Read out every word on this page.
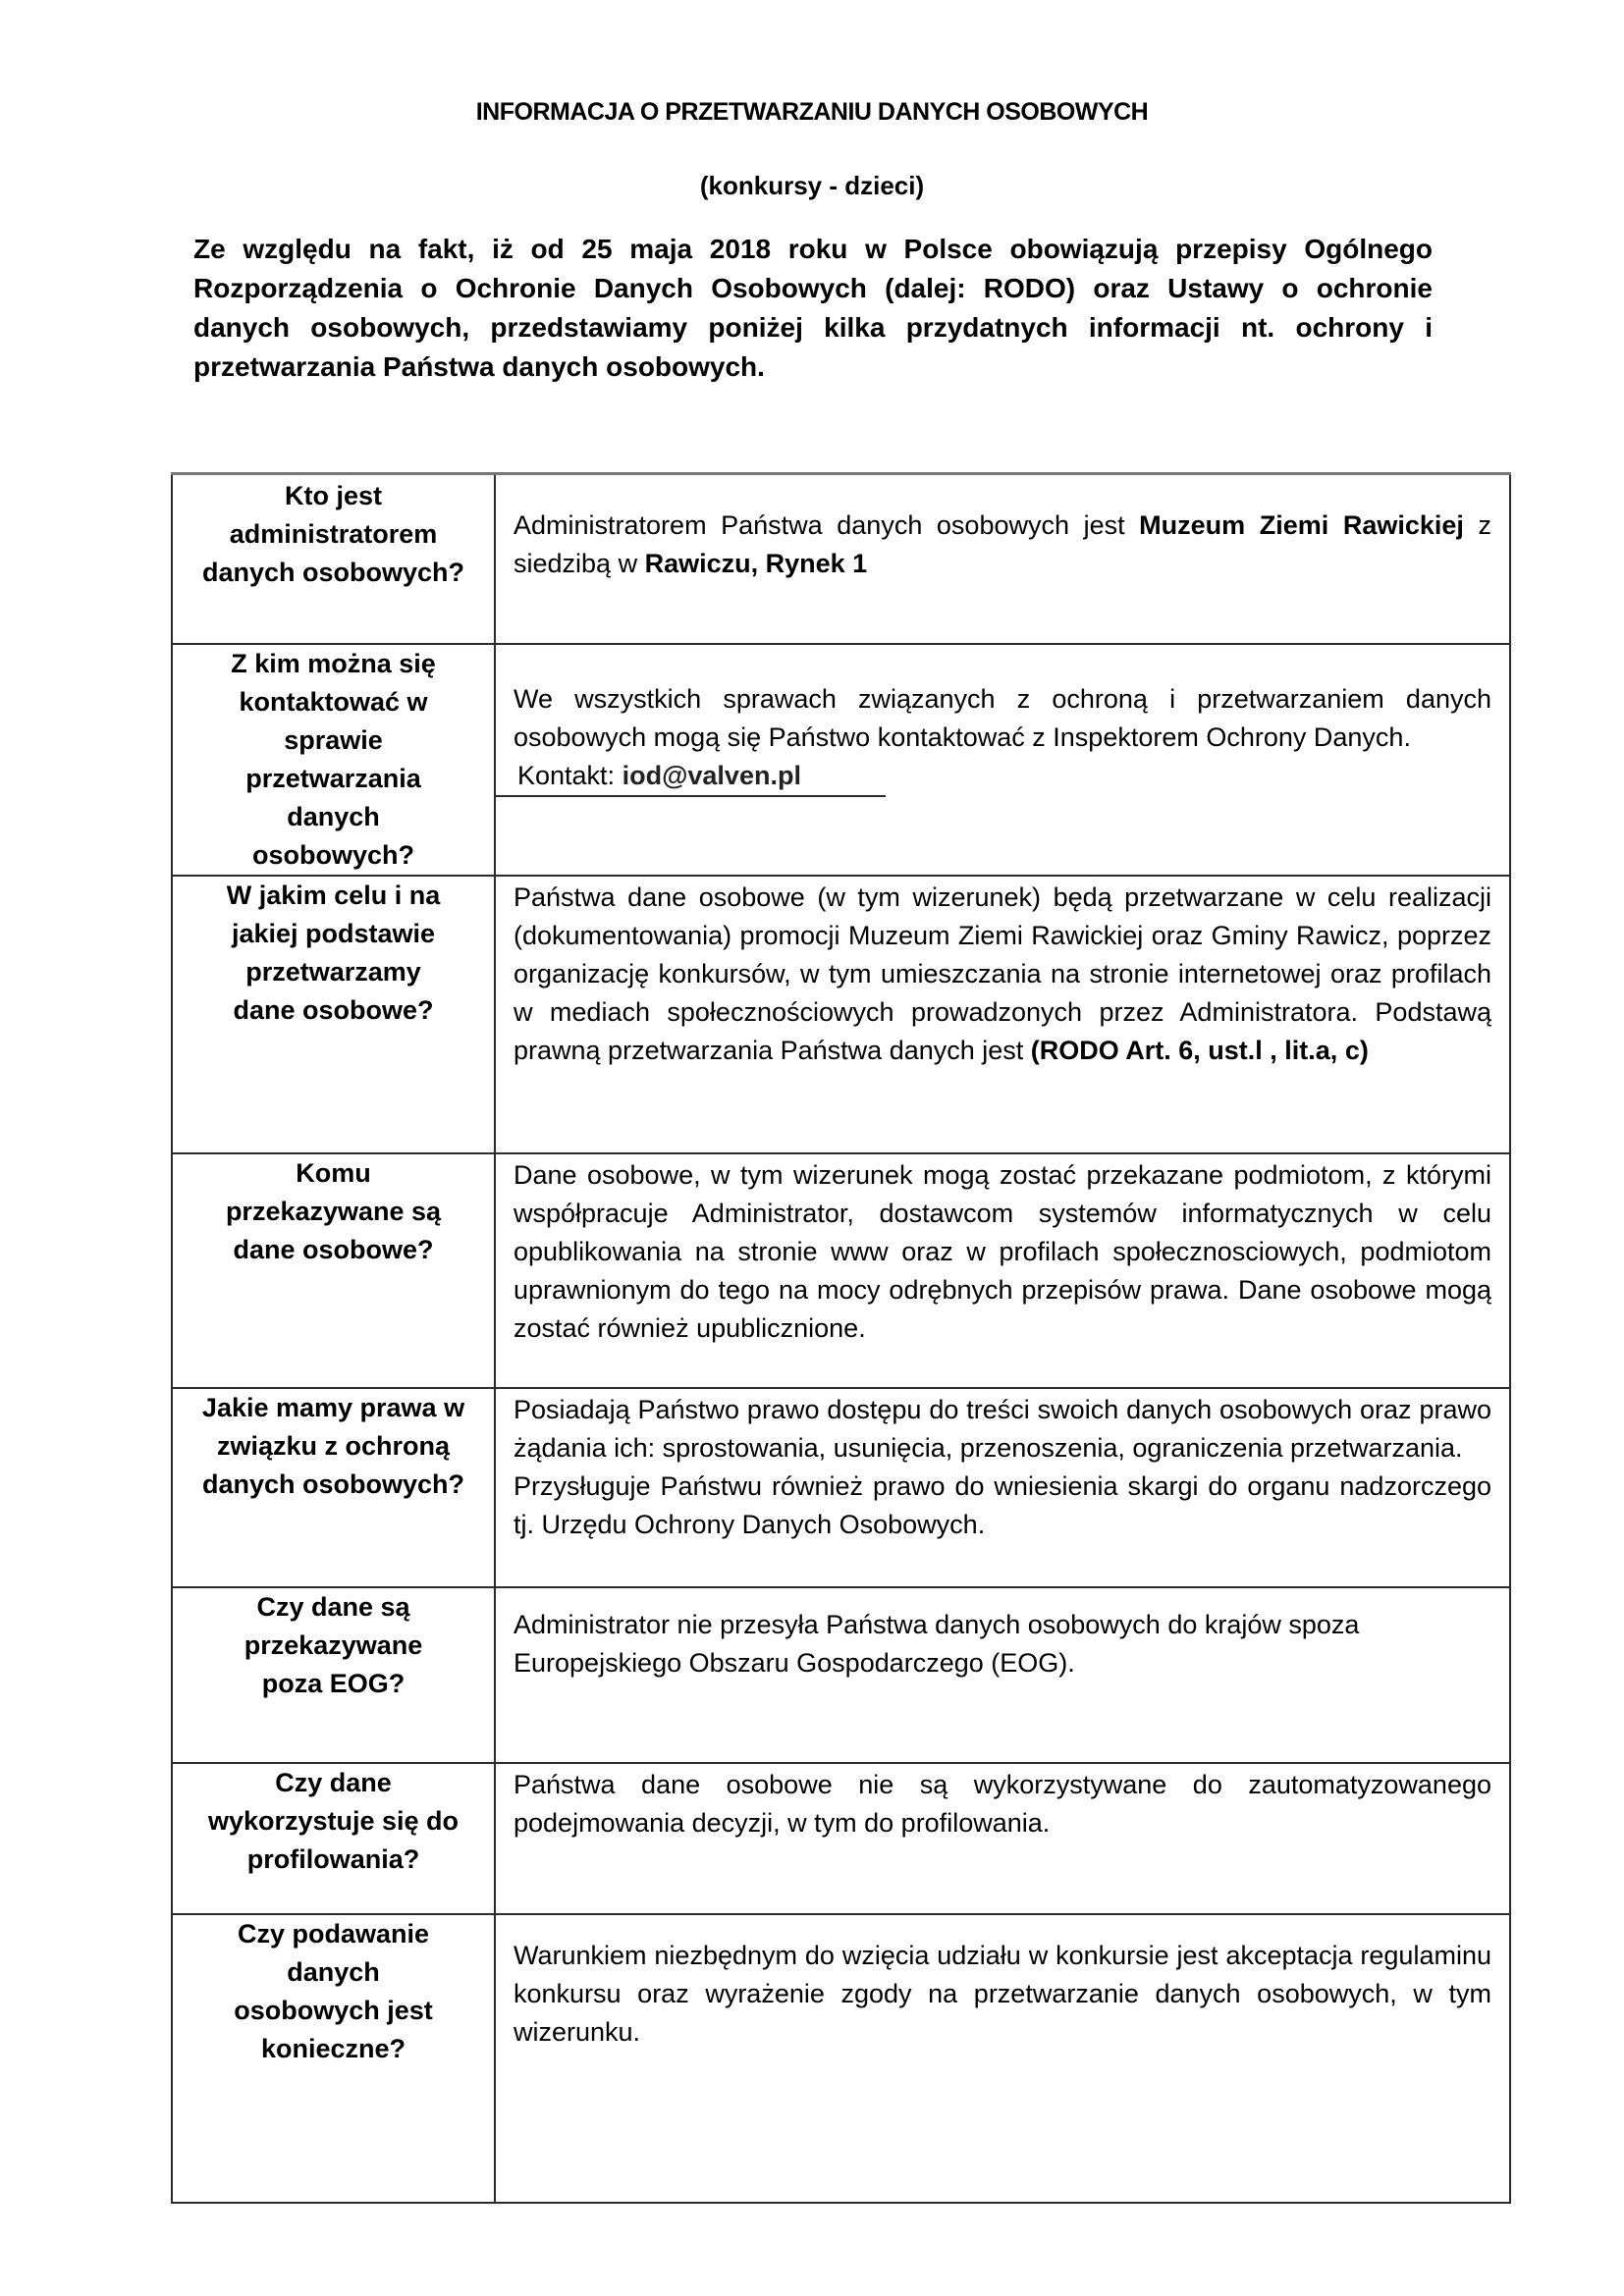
INFORMACJA O PRZETWARZANIU DANYCH OSOBOWYCH
(konkursy - dzieci)
Ze względu na fakt, iż od 25 maja 2018 roku w Polsce obowiązują przepisy Ogólnego Rozporządzenia o Ochronie Danych Osobowych (dalej: RODO) oraz Ustawy o ochronie danych osobowych, przedstawiamy poniżej kilka przydatnych informacji nt. ochrony i przetwarzania Państwa danych osobowych.
Kto jest administratorem danych osobowych?	Administratorem Państwa danych osobowych jest Muzeum Ziemi Rawickiej z siedzibą w Rawiczu, Rynek 1

Z kim można się kontaktować w sprawie przetwarzania danych osobowych?	We wszystkich sprawach związanych z ochroną i przetwarzaniem danych osobowych mogą się Państwo kontaktować z Inspektorem Ochrony Danych.
Kontakt: iod@valven.pl

W jakim celu i na jakiej podstawie przetwarzamy dane osobowe?	Państwa dane osobowe (w tym wizerunek) będą przetwarzane w celu realizacji (dokumentowania) promocji Muzeum Ziemi Rawickiej oraz Gminy Rawicz, poprzez organizację konkursów, w tym umieszczania na stronie internetowej oraz profilach w mediach społecznościowych prowadzonych przez Administratora. Podstawą prawną przetwarzania Państwa danych jest (RODO Art. 6, ust.l , lit.a, c)

Komu przekazywane są dane osobowe?	Dane osobowe, w tym wizerunek mogą zostać przekazane podmiotom, z którymi współpracuje Administrator, dostawcom systemów informatycznych w celu opublikowania na stronie www oraz w profilach społecznosciowych, podmiotom uprawnionym do tego na mocy odrębnych przepisów prawa. Dane osobowe mogą zostać również upublicznione.

Jakie mamy prawa w związku z ochroną danych osobowych?	Posiadają Państwo prawo dostępu do treści swoich danych osobowych oraz prawo żądania ich: sprostowania, usunięcia, przenoszenia, ograniczenia przetwarzania.
Przysługuje Państwu również prawo do wniesienia skargi do organu nadzorczego tj. Urzędu Ochrony Danych Osobowych.

Czy dane są przekazywane poza EOG?	Administrator nie przesyła Państwa danych osobowych do krajów spoza Europejskiego Obszaru Gospodarczego (EOG).

Czy dane wykorzystuje się do profilowania?	Państwa dane osobowe nie są wykorzystywane do zautomatyzowanego podejmowania decyzji, w tym do profilowania.

Czy podawanie danych osobowych jest konieczne?	Warunkiem niezbędnym do wzięcia udziału w konkursie jest akceptacja regulaminu konkursu oraz wyrażenie zgody na przetwarzanie danych osobowych, w tym wizerunku.
